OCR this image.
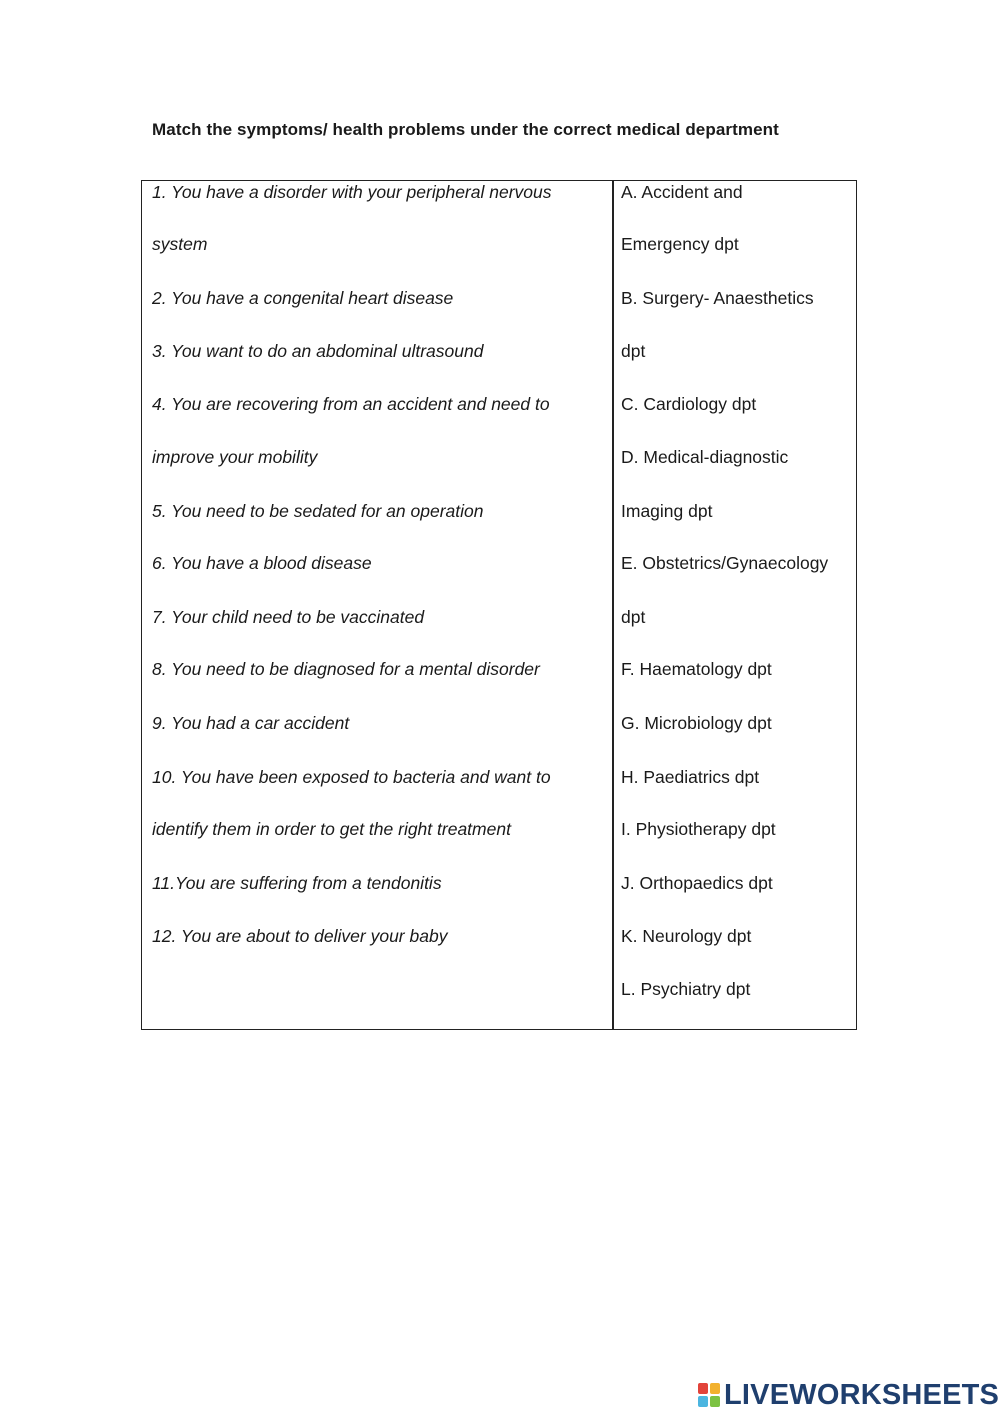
Match the symptoms/ health problems under the correct medical department
1. You have a disorder with your peripheral nervous
system
2. You have a congenital heart disease
3. You want to do an abdominal ultrasound
4. You are recovering from an accident and need to
improve your mobility
5. You need to be sedated for an operation
6. You have a blood disease
7. Your child need to be vaccinated
8. You need to be diagnosed for a mental disorder
9. You had a car accident
10. You have been exposed to bacteria and want to
identify them in order to get the right treatment
11.You are suffering from a tendonitis
12. You are about to deliver your baby
A. Accident and
Emergency dpt
B. Surgery- Anaesthetics
dpt
C. Cardiology dpt
D. Medical-diagnostic
Imaging dpt
E. Obstetrics/Gynaecology
dpt
F. Haematology dpt
G. Microbiology dpt
H. Paediatrics dpt
I. Physiotherapy dpt
J. Orthopaedics dpt
K. Neurology dpt
L. Psychiatry dpt
LIVEWORKSHEETS
